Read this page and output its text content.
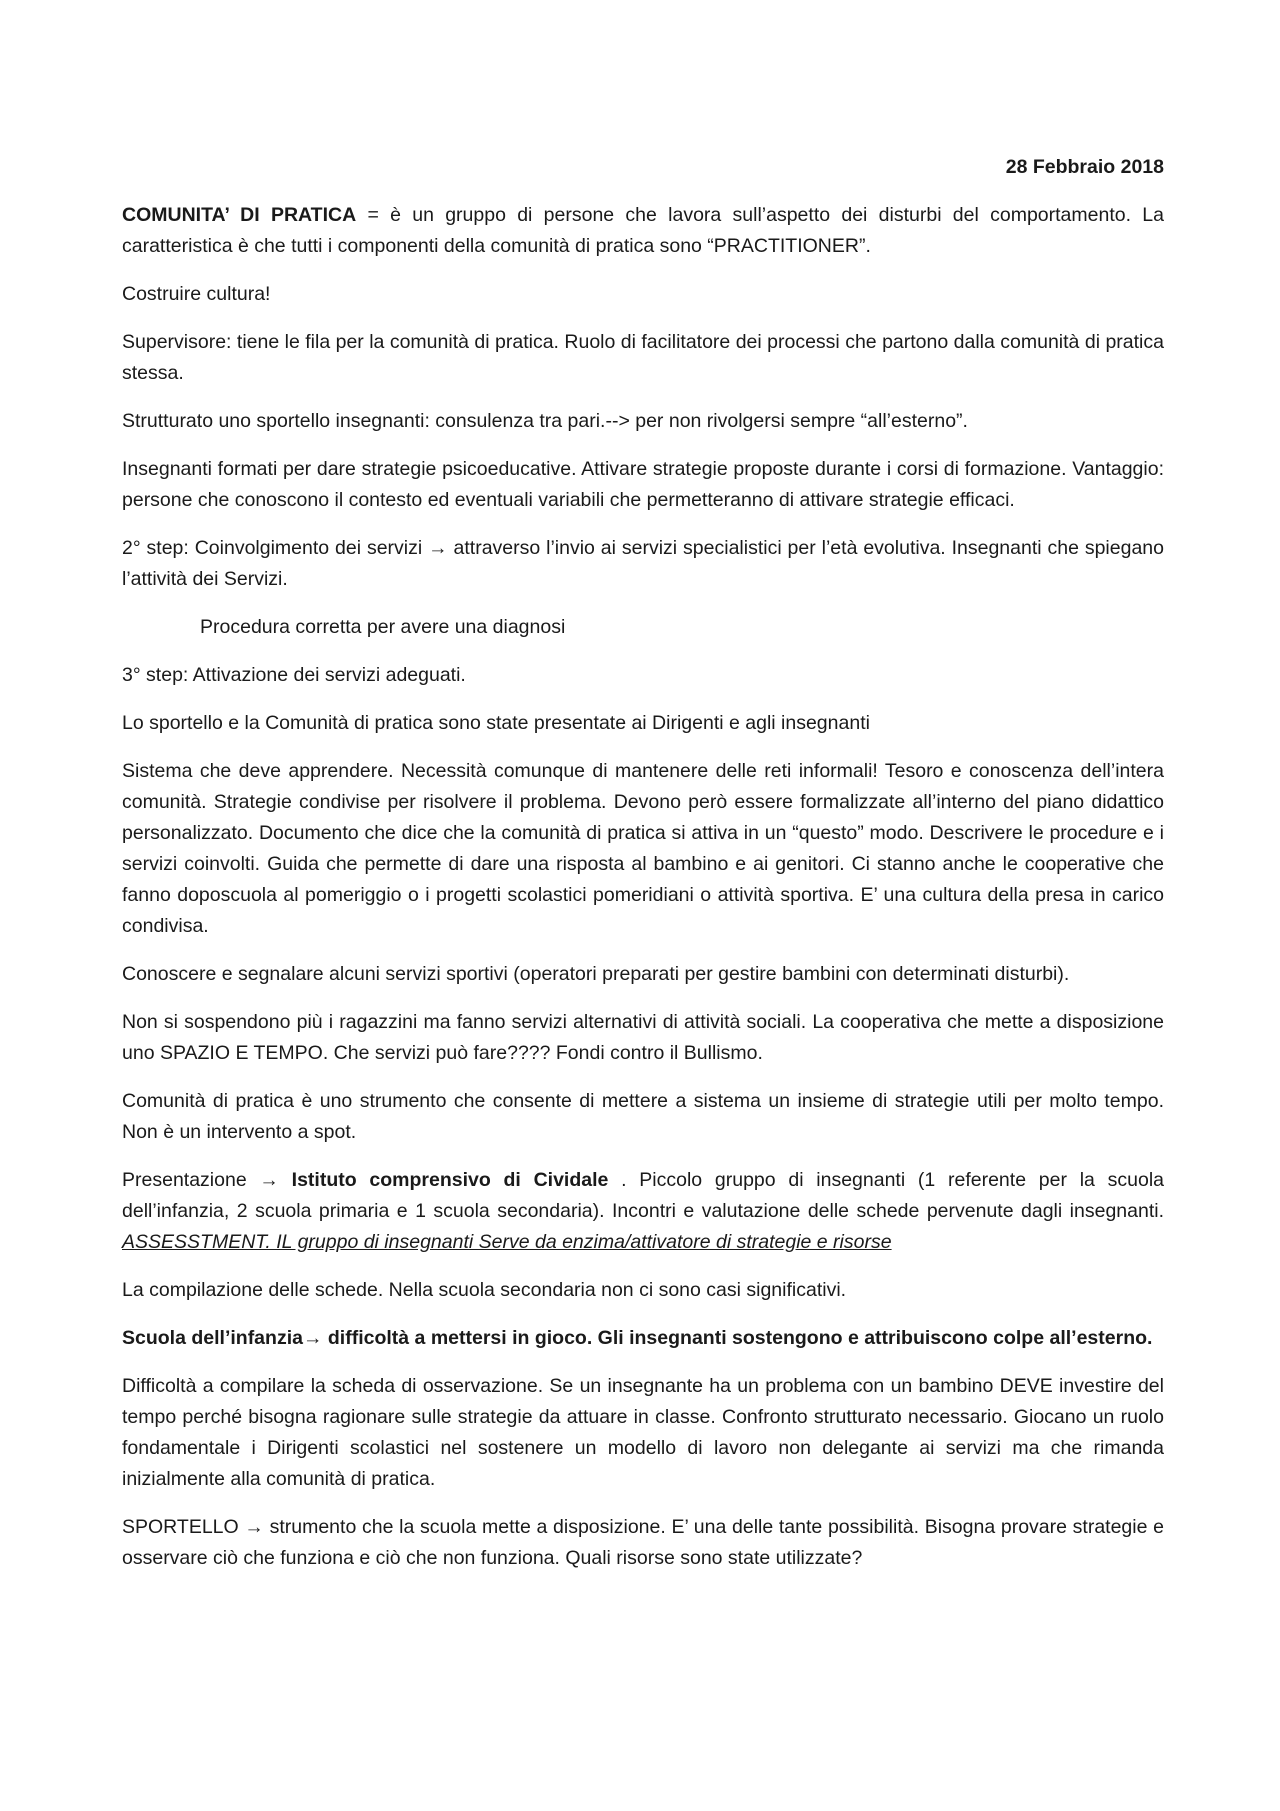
28 Febbraio 2018

COMUNITA’ DI PRATICA = è un gruppo di persone che lavora sull’aspetto dei disturbi del comportamento. La caratteristica è che tutti i componenti della comunità di pratica sono “PRACTITIONER”.

Costruire cultura!

Supervisore: tiene le fila per la comunità di pratica. Ruolo di facilitatore dei processi che partono dalla comunità di pratica stessa.

Strutturato uno sportello insegnanti: consulenza tra pari.--> per non rivolgersi sempre “all’esterno”.

Insegnanti formati per dare strategie psicoeducative. Attivare strategie proposte durante i corsi di formazione. Vantaggio: persone che conoscono il contesto ed eventuali variabili che permetteranno di attivare strategie efficaci.

2° step: Coinvolgimento dei servizi → attraverso l’invio ai servizi specialistici per l’età evolutiva. Insegnanti che spiegano l’attività dei Servizi.

Procedura corretta per avere una diagnosi

3° step: Attivazione dei servizi adeguati.

Lo sportello e la Comunità di pratica sono state presentate ai Dirigenti e agli insegnanti

Sistema che deve apprendere. Necessità comunque di mantenere delle reti informali! Tesoro e conoscenza dell’intera comunità. Strategie condivise per risolvere il problema. Devono però essere formalizzate all’interno del piano didattico personalizzato. Documento che dice che la comunità di pratica si attiva in un “questo” modo. Descrivere le procedure e i servizi coinvolti. Guida che permette di dare una risposta al bambino e ai genitori. Ci stanno anche le cooperative che fanno doposcuola al pomeriggio o i progetti scolastici pomeridiani o attività sportiva. E’ una cultura della presa in carico condivisa.

Conoscere e segnalare alcuni servizi sportivi (operatori preparati per gestire bambini con determinati disturbi).

Non si sospendono più i ragazzini ma fanno servizi alternativi di attività sociali. La cooperativa che mette a disposizione uno SPAZIO E TEMPO. Che servizi può fare???? Fondi contro il Bullismo.

Comunità di pratica è uno strumento che consente di mettere a sistema un insieme di strategie utili per molto tempo. Non è un intervento a spot.

Presentazione → Istituto comprensivo di Cividale . Piccolo gruppo di insegnanti (1 referente per la scuola dell’infanzia, 2 scuola primaria e 1 scuola secondaria). Incontri e valutazione delle schede pervenute dagli insegnanti. ASSESSTMENT. IL gruppo di insegnanti Serve da enzima/attivatore di strategie e risorse

La compilazione delle schede. Nella scuola secondaria non ci sono casi significativi.

Scuola dell’infanzia→ difficoltà a mettersi in gioco. Gli insegnanti sostengono e attribuiscono colpe all’esterno.

Difficoltà a compilare la scheda di osservazione. Se un insegnante ha un problema con un bambino DEVE investire del tempo perché bisogna ragionare sulle strategie da attuare in classe. Confronto strutturato necessario. Giocano un ruolo fondamentale i Dirigenti scolastici nel sostenere un modello di lavoro non delegante ai servizi ma che rimanda inizialmente alla comunità di pratica.

SPORTELLO → strumento che la scuola mette a disposizione. E’ una delle tante possibilità. Bisogna provare strategie e osservare ciò che funziona e ciò che non funziona. Quali risorse sono state utilizzate?
